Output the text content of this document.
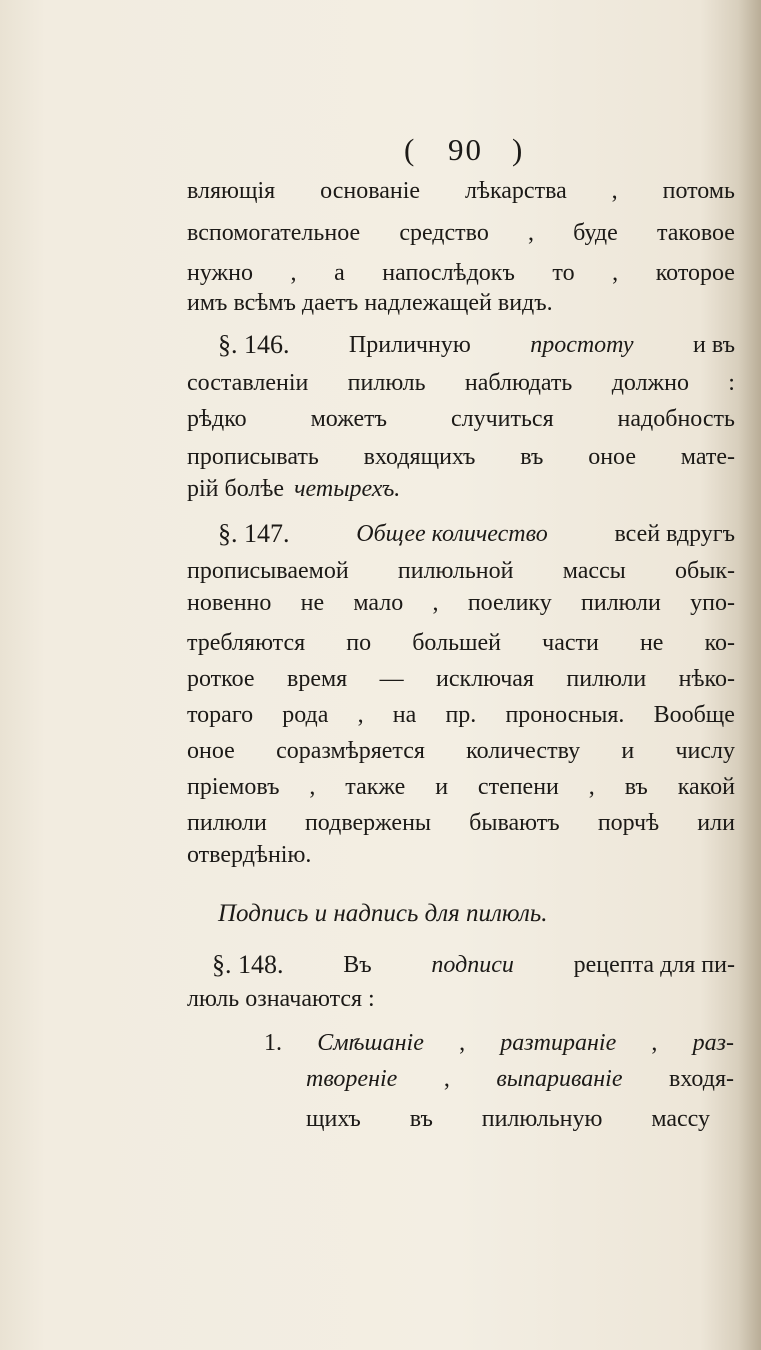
( 90 )
вляющія основаніе лѣкарства , потомь
вспомогательное средство , буде таковое
нужно , а напослѣдокъ то , которое
имъ всѣмъ даетъ надлежащей видъ.
§. 146. Приличную простоту и въ
составленіи пилюль наблюдать должно :
рѣдко	можетъ	случиться	надобность
прописывать входящихъ въ оное мате-
рій болѣе четырехъ.
§. 147.	Общее количество	всей вдругъ
прописываемой пилюльной массы обык-
новенно не мало , поелику пилюли упо-
требляются по большей части не ко-
роткое время — исключая пилюли нѣко-
тораго рода , на пр. проносныя. Вообще
оное соразмѣряется количеству и числу
пріемовъ , также и степени , въ какой
пилюли подвержены бываютъ порчѣ или
отвердѣнію.
Подпись и надпись для пилюль.
§. 148. Въ подписи рецепта для пи-
люль означаются :
1. Смѣшаніе , разтираніе , раз-
твореніе , выпариваніе входя-
щихъ въ пилюльную массу
